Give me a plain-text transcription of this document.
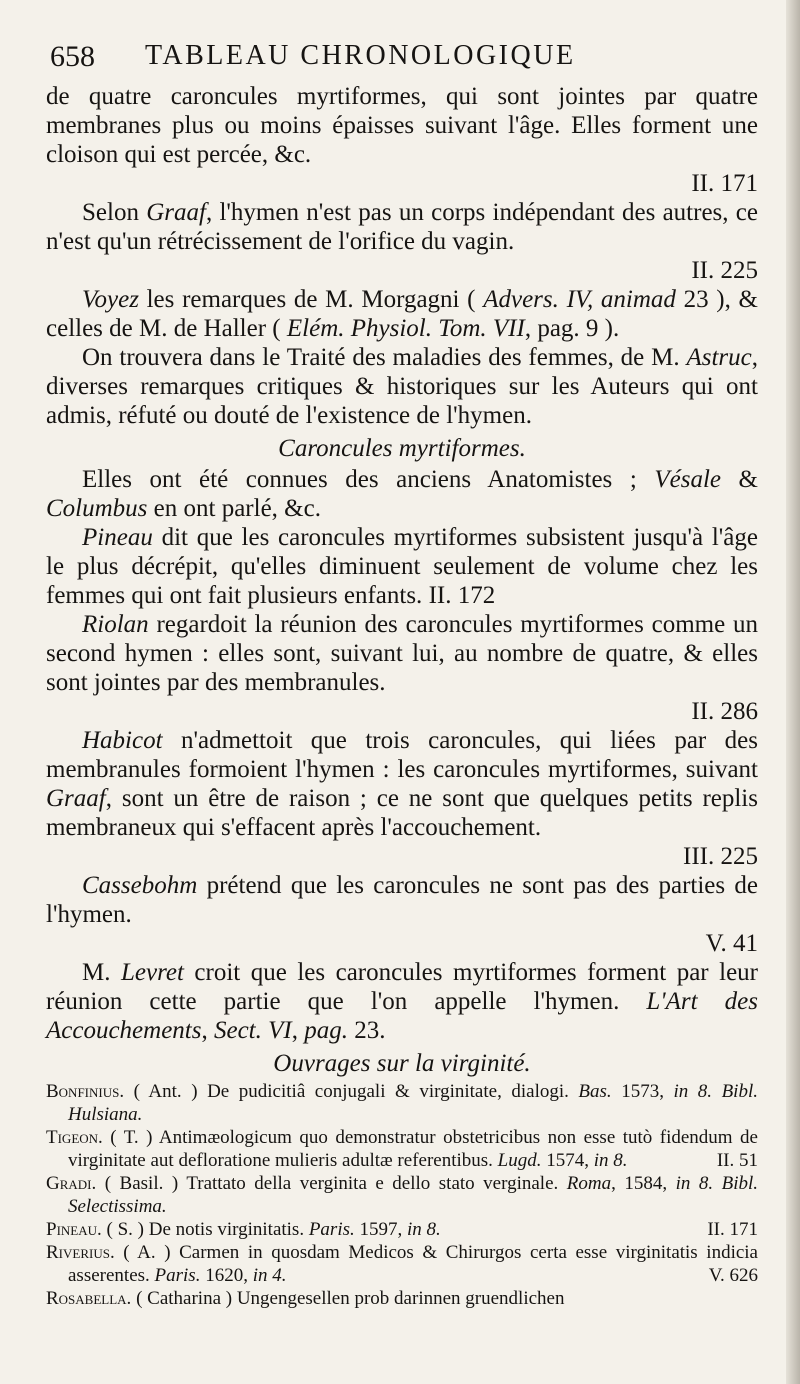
658 TABLEAU CHRONOLOGIQUE

de quatre caroncules myrtiformes, qui sont jointes par quatre membranes plus ou moins épaisses suivant l'âge. Elles forment une cloison qui est percée, &c.
II. 171

Selon Graaf, l'hymen n'est pas un corps indépendant des autres, ce n'est qu'un rétrécissement de l'orifice du vagin.
II. 225

Voyez les remarques de M. Morgagni ( Advers. IV, animad 23 ), & celles de M. de Haller ( Elém. Physiol. Tom. VII, pag. 9 ).

On trouvera dans le Traité des maladies des femmes, de M. Astruc, diverses remarques critiques & historiques sur les Auteurs qui ont admis, réfuté ou douté de l'existence de l'hymen.

Caroncules myrtiformes.

Elles ont été connues des anciens Anatomistes ; Vésale & Columbus en ont parlé, &c.

Pineau dit que les caroncules myrtiformes subsistent jusqu'à l'âge le plus décrépit, qu'elles diminuent seulement de volume chez les femmes qui ont fait plusieurs enfants. II. 172

Riolan regardoit la réunion des caroncules myrtiformes comme un second hymen : elles sont, suivant lui, au nombre de quatre, & elles sont jointes par des membranules.
II. 286

Habicot n'admettoit que trois caroncules, qui liées par des membranules formoient l'hymen : les caroncules myrtiformes, suivant Graaf, sont un être de raison ; ce ne sont que quelques petits replis membraneux qui s'effacent après l'accouchement.
III. 225

Cassebohm prétend que les caroncules ne sont pas des parties de l'hymen.
V. 41

M. Levret croit que les caroncules myrtiformes forment par leur réunion cette partie que l'on appelle l'hymen. L'Art des Accouchements, Sect. VI, pag. 23.

Ouvrages sur la virginité.

Bonfinius. ( Ant. ) De pudicitiâ conjugali & virginitate, dialogi. Bas. 1573, in 8. Bibl. Hulsiana.

Tigeon. ( T. ) Antimæologicum quo demonstratur obstetricibus non esse tutò fidendum de virginitate aut defloratione mulieris adultæ referentibus. Lugd. 1574, in 8.	II. 51

Gradi. ( Basil. ) Trattato della verginita e dello stato verginale. Roma, 1584, in 8. Bibl. Selectissima.

Pineau. ( S. ) De notis virginitatis. Paris. 1597, in 8.	II. 171

Riverius. ( A. ) Carmen in quosdam Medicos & Chirurgos certa esse virginitatis indicia asserentes. Paris. 1620, in 4.	V. 626

Rosabella. ( Catharina ) Ungengesellen prob darinnen gruendlichen
